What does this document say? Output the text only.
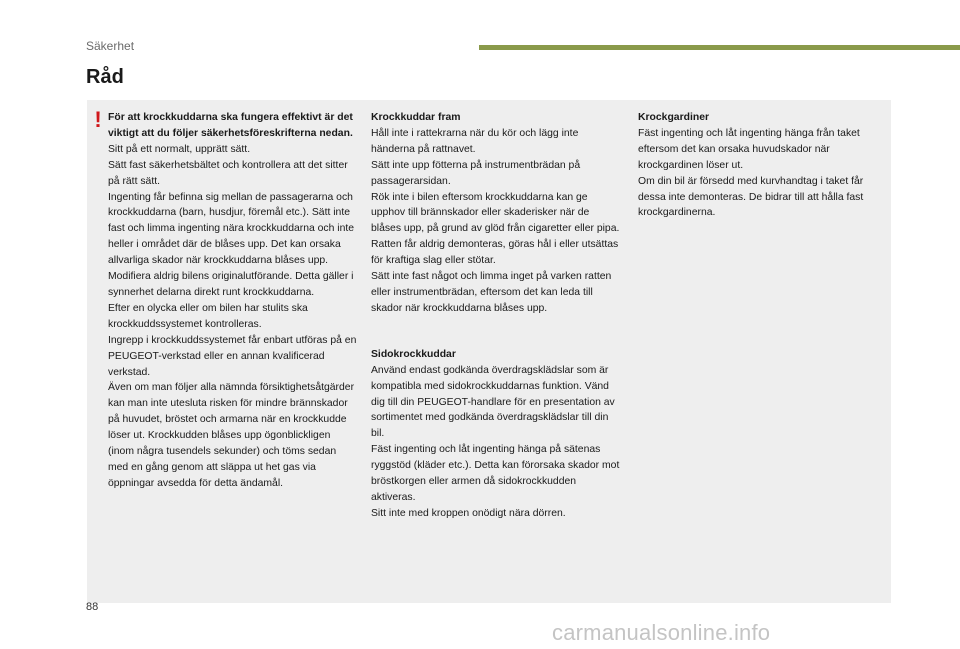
Säkerhet
Råd
! För att krockkuddarna ska fungera effektivt är det viktigt att du följer säkerhetsföreskrifterna nedan.

Sitt på ett normalt, upprätt sätt.

Sätt fast säkerhetsbältet och kontrollera att det sitter på rätt sätt.

Ingenting får befinna sig mellan de passagerarna och krockkuddarna (barn, husdjur, föremål etc.). Sätt inte fast och limma ingenting nära krockkuddarna och inte heller i området där de blåses upp. Det kan orsaka allvarliga skador när krockkuddarna blåses upp.

Modifiera aldrig bilens originalutförande. Detta gäller i synnerhet delarna direkt runt krockkuddarna.

Efter en olycka eller om bilen har stulits ska krockkuddssystemet kontrolleras.

Ingrepp i krockkuddssystemet får enbart utföras på en PEUGEOT-verkstad eller en annan kvalificerad verkstad.

Även om man följer alla nämnda försiktighetsåtgärder kan man inte utesluta risken för mindre brännskador på huvudet, bröstet och armarna när en krockkudde löser ut. Krockkudden blåses upp ögonblickligen (inom några tusendels sekunder) och töms sedan med en gång genom att släppa ut het gas via öppningar avsedda för detta ändamål.

Krockkuddar fram

Håll inte i rattekrarna när du kör och lägg inte händerna på rattnavet.

Sätt inte upp fötterna på instrumentbrädan på passagerarsidan.

Rök inte i bilen eftersom krockkuddarna kan ge upphov till brännskador eller skaderisker när de blåses upp, på grund av glöd från cigaretter eller pipa.

Ratten får aldrig demonteras, göras hål i eller utsättas för kraftiga slag eller stötar.

Sätt inte fast något och limma inget på varken ratten eller instrumentbrädan, eftersom det kan leda till skador när krockkuddarna blåses upp.

Sidokrockkuddar

Använd endast godkända överdragsklädslar som är kompatibla med sidokrockkuddarnas funktion. Vänd dig till din PEUGEOT-handlare för en presentation av sortimentet med godkända överdragsklädslar till din bil.

Fäst ingenting och låt ingenting hänga på sätenas ryggstöd (kläder etc.). Detta kan förorsaka skador mot bröstkorgen eller armen då sidokrockkudden aktiveras.

Sitt inte med kroppen onödigt nära dörren.

Krockgardiner

Fäst ingenting och låt ingenting hänga från taket eftersom det kan orsaka huvudskador när krockgardinen löser ut.

Om din bil är försedd med kurvhandtag i taket får dessa inte demonteras. De bidrar till att hålla fast krockgardinerna.

88
carmanualsonline.info
